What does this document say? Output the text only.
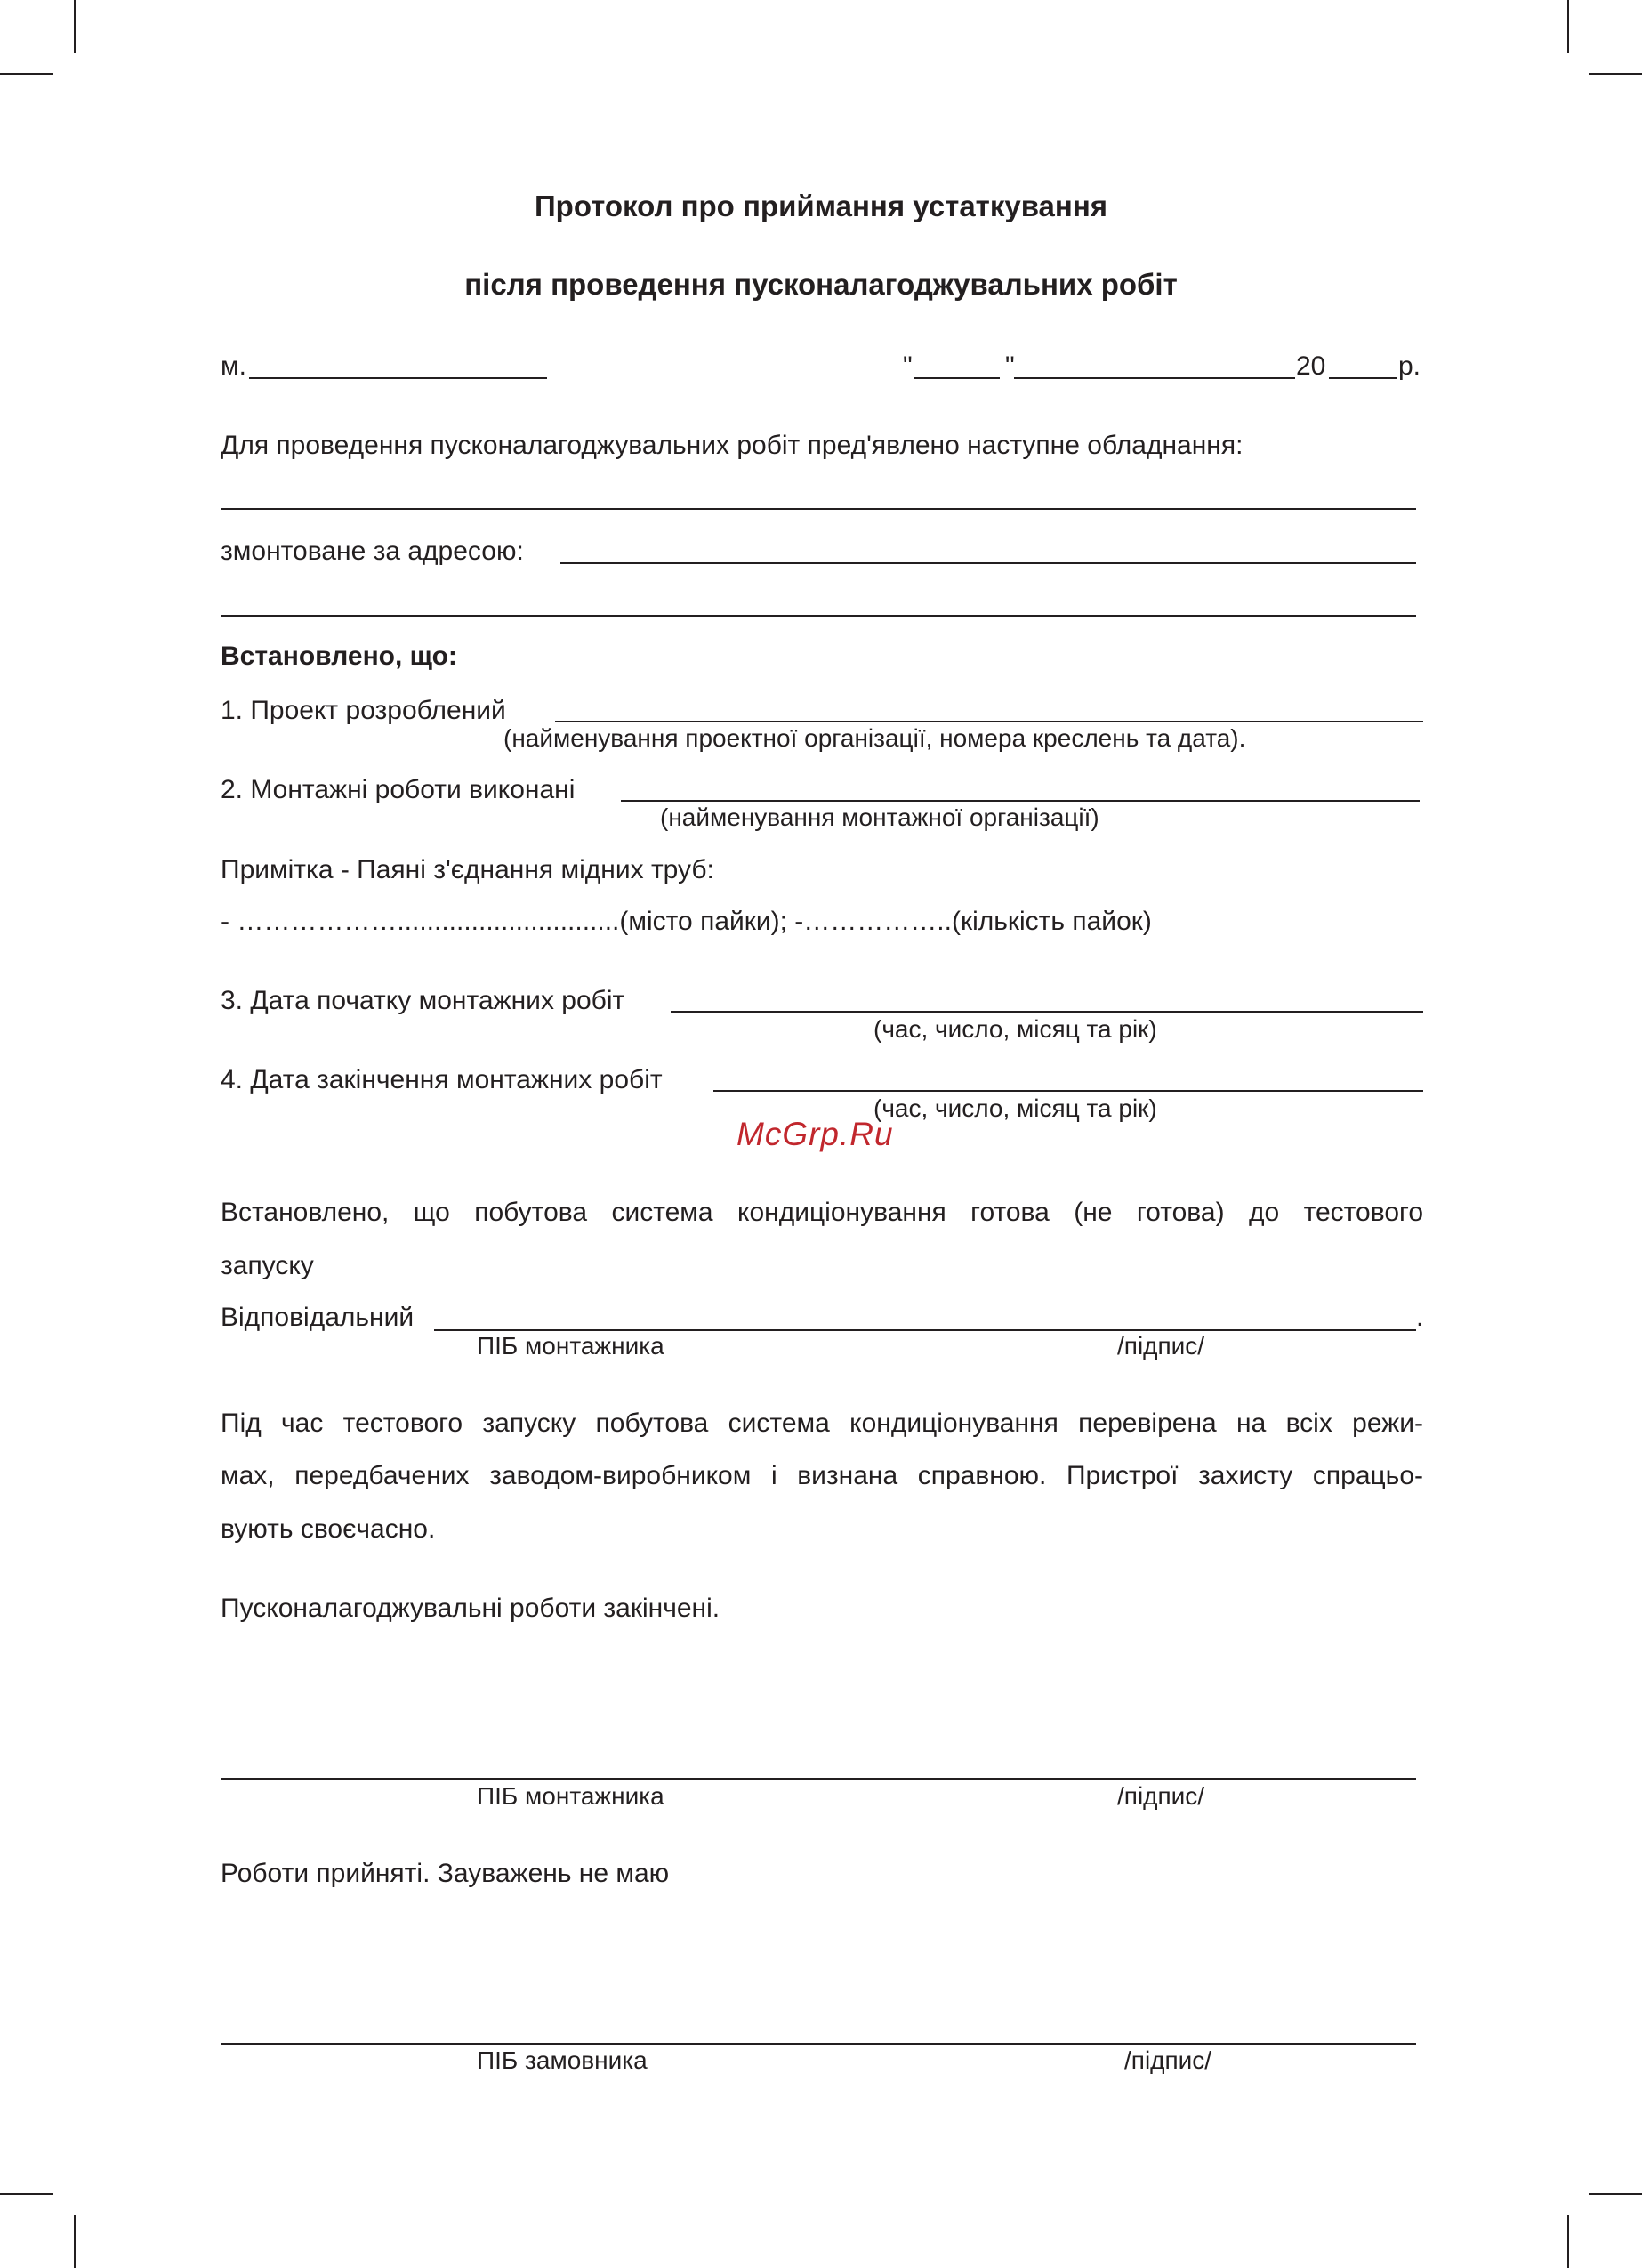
Протокол про приймання устаткування
після проведення пусконалагоджувальних робіт
м.	"	"	20	р.
Для проведення пусконалагоджувальних робіт пред'явлено наступне обладнання:
змонтоване за адресою:
Встановлено, що:
1. Проект розроблений
(найменування проектної організації, номера креслень та дата).
2. Монтажні роботи виконані
(найменування монтажної організації)
Примітка - Паяні з'єднання мідних труб:
- ………………..............................(місто пайки); -……………..(кількість пайок)
3. Дата початку монтажних робіт
(час, число, місяц та рік)
4. Дата закінчення монтажних робіт
(час, число, місяц та рік)
McGrp.Ru
Встановлено, що побутова система кондиціонування готова (не готова) до тестового
запуску
Відповідальний	.
ПІБ монтажника	/підпис/
Під час тестового запуску побутова система кондиціонування перевірена на всіх режи-
мах, передбачених заводом-виробником і визнана справною. Пристрої захисту спрацьо-
вують своєчасно.
Пусконалагоджувальні роботи закінчені.
ПІБ монтажника	/підпис/
Роботи прийняті. Зауважень не маю
ПІБ замовника	/підпис/
